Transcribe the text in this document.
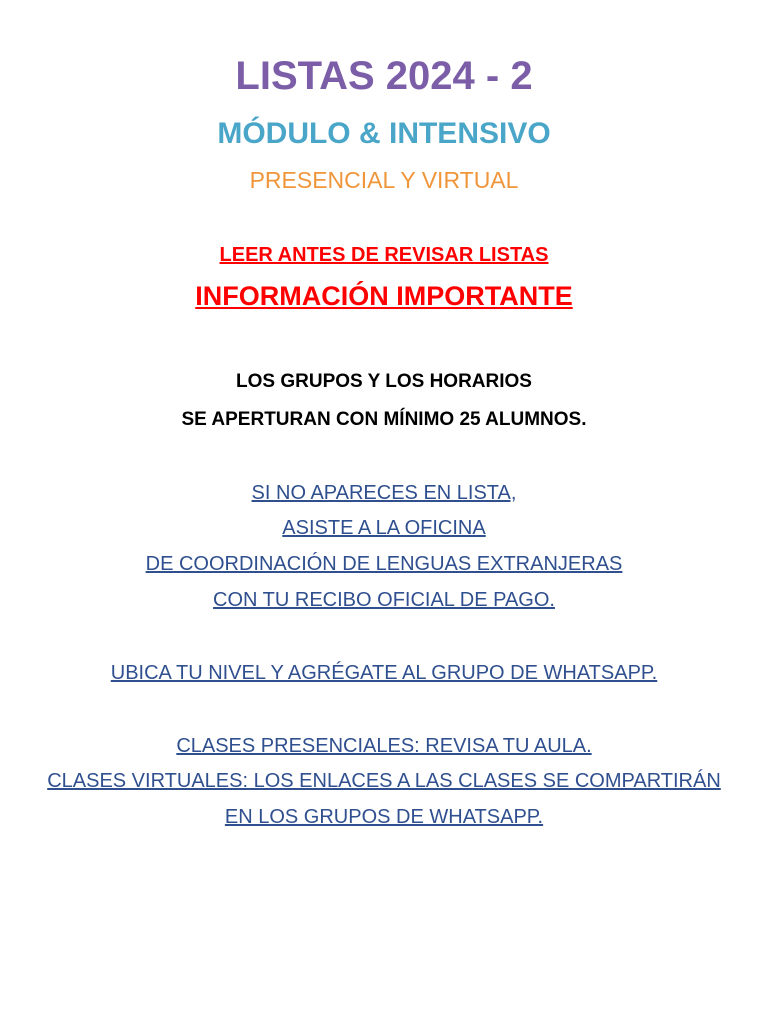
LISTAS 2024 - 2
MÓDULO & INTENSIVO
PRESENCIAL Y VIRTUAL
LEER ANTES DE REVISAR LISTAS
INFORMACIÓN IMPORTANTE
LOS GRUPOS Y LOS HORARIOS
SE APERTURAN CON MÍNIMO 25 ALUMNOS.
SI NO APARECES EN LISTA,
ASISTE A LA OFICINA
DE COORDINACIÓN DE LENGUAS EXTRANJERAS
CON TU RECIBO OFICIAL DE PAGO.
UBICA TU NIVEL Y AGRÉGATE AL GRUPO DE WHATSAPP.
CLASES PRESENCIALES: REVISA TU AULA.
CLASES VIRTUALES: LOS ENLACES A LAS CLASES SE COMPARTIRÁN
EN LOS GRUPOS DE WHATSAPP.
